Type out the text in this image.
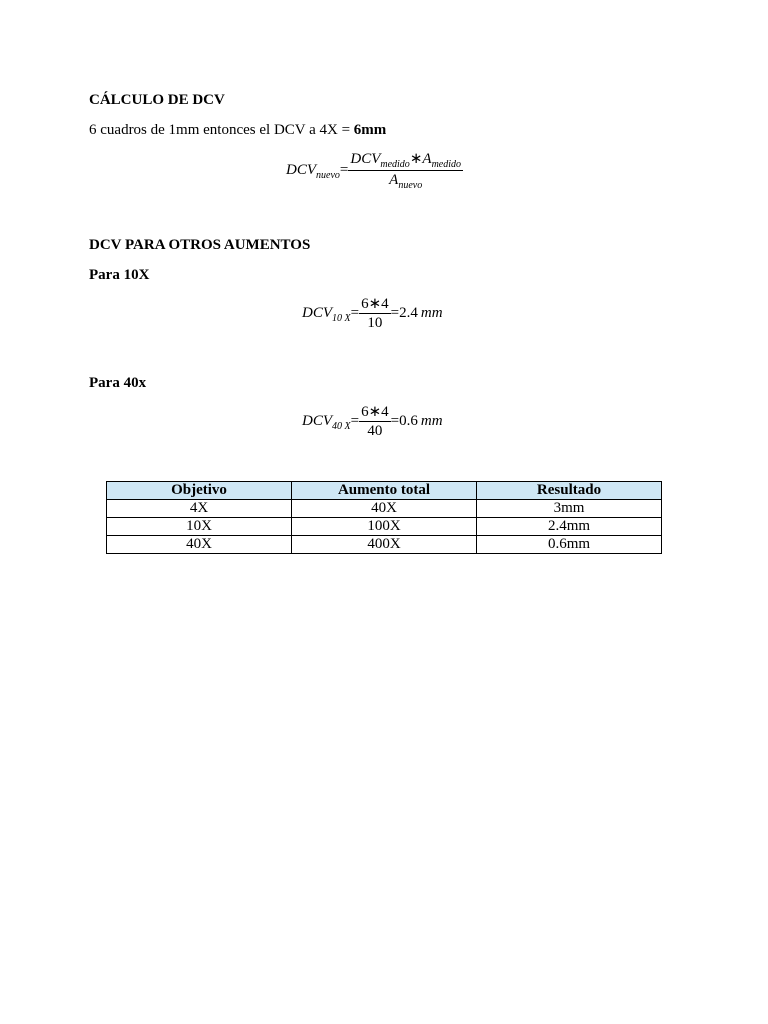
CÁLCULO DE DCV
6 cuadros de 1mm entonces el DCV a 4X = 6mm
$DCV_{nuevo}= \frac{DCV_{medido}∗A_{medido}}{A_{nuevo}}$
DCV PARA OTROS AUMENTOS
Para 10X
$DCV_{10 X}= \frac{6∗4}{10} =2.4$  mm
Para 40x
$DCV_{40 X}= \frac{6∗4}{40} =0.6$  mm
Objetivo	Aumento total	Resultado
4X	40X	3mm
10X	100X	2.4mm
40X	400X	0.6mm
